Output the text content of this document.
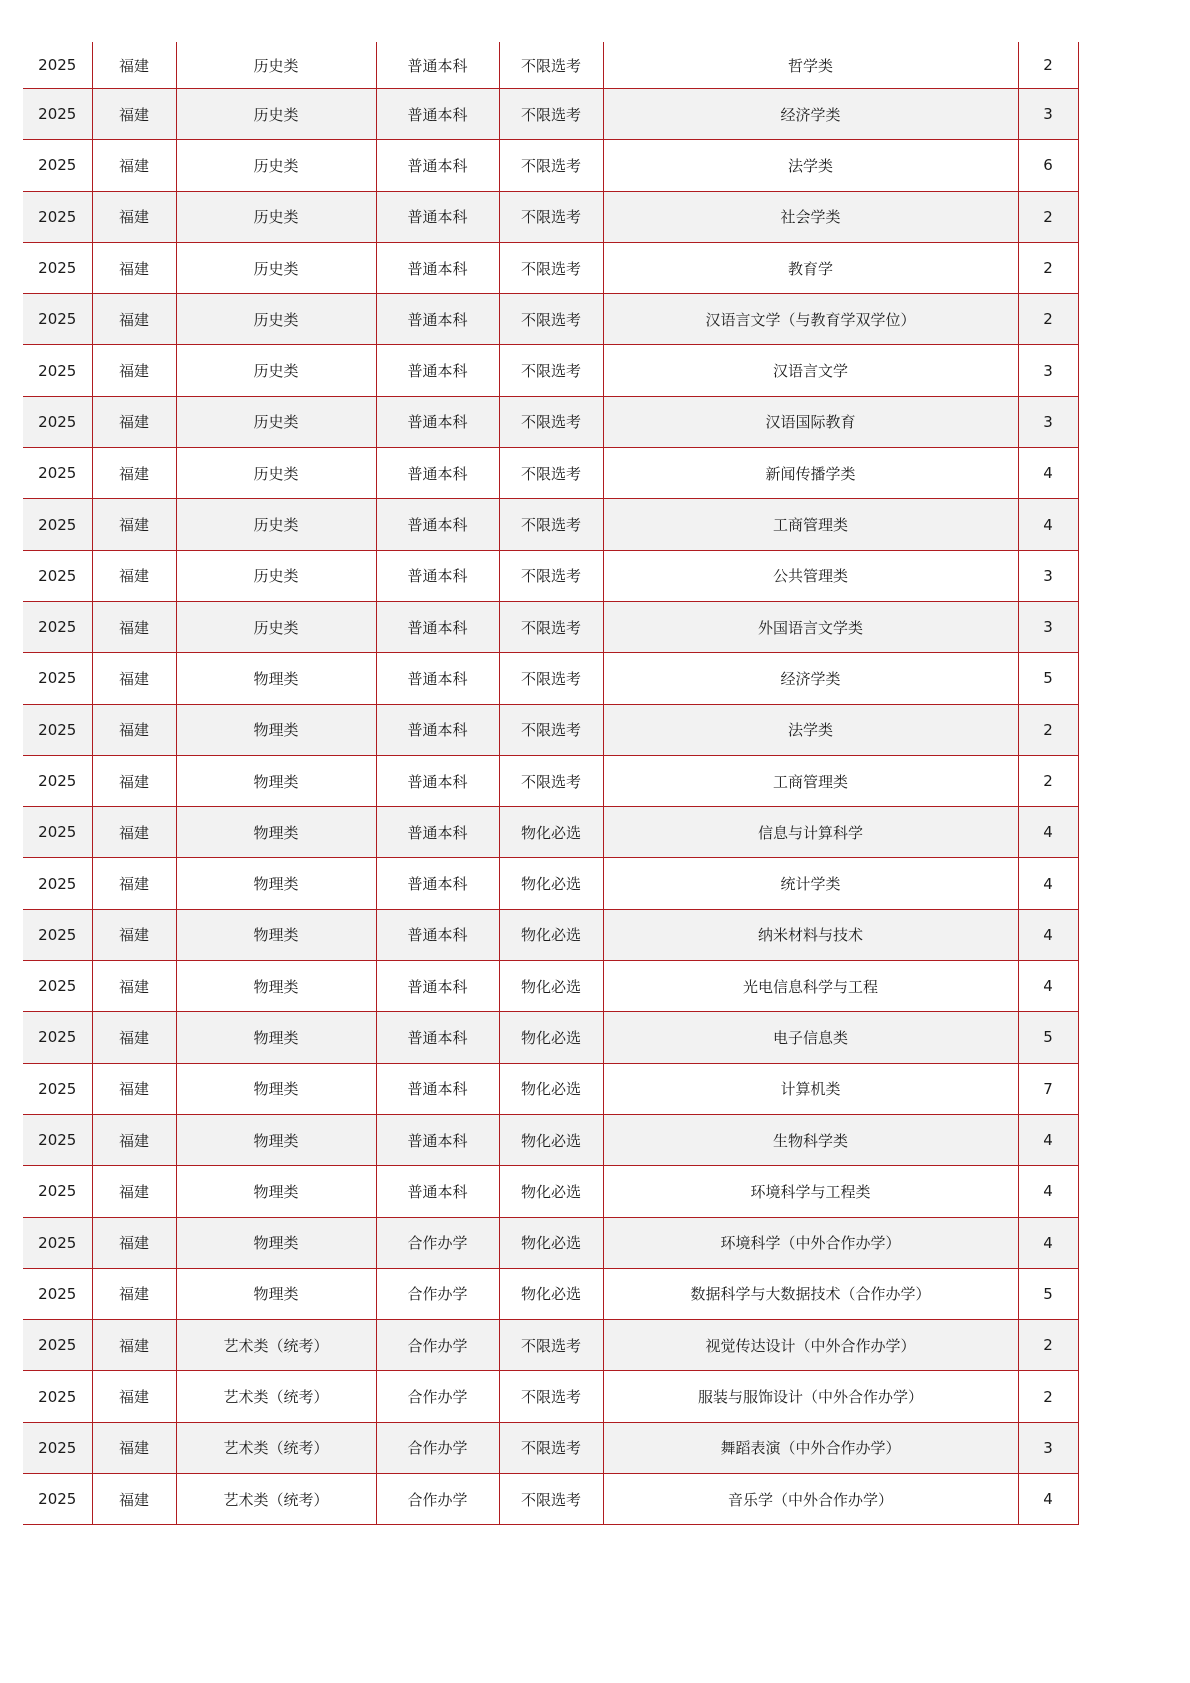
2025	福建	历史类	普通本科	不限选考	哲学类	2
2025	福建	历史类	普通本科	不限选考	经济学类	3
2025	福建	历史类	普通本科	不限选考	法学类	6
2025	福建	历史类	普通本科	不限选考	社会学类	2
2025	福建	历史类	普通本科	不限选考	教育学	2
2025	福建	历史类	普通本科	不限选考	汉语言文学（与教育学双学位）	2
2025	福建	历史类	普通本科	不限选考	汉语言文学	3
2025	福建	历史类	普通本科	不限选考	汉语国际教育	3
2025	福建	历史类	普通本科	不限选考	新闻传播学类	4
2025	福建	历史类	普通本科	不限选考	工商管理类	4
2025	福建	历史类	普通本科	不限选考	公共管理类	3
2025	福建	历史类	普通本科	不限选考	外国语言文学类	3
2025	福建	物理类	普通本科	不限选考	经济学类	5
2025	福建	物理类	普通本科	不限选考	法学类	2
2025	福建	物理类	普通本科	不限选考	工商管理类	2
2025	福建	物理类	普通本科	物化必选	信息与计算科学	4
2025	福建	物理类	普通本科	物化必选	统计学类	4
2025	福建	物理类	普通本科	物化必选	纳米材料与技术	4
2025	福建	物理类	普通本科	物化必选	光电信息科学与工程	4
2025	福建	物理类	普通本科	物化必选	电子信息类	5
2025	福建	物理类	普通本科	物化必选	计算机类	7
2025	福建	物理类	普通本科	物化必选	生物科学类	4
2025	福建	物理类	普通本科	物化必选	环境科学与工程类	4
2025	福建	物理类	合作办学	物化必选	环境科学（中外合作办学）	4
2025	福建	物理类	合作办学	物化必选	数据科学与大数据技术（合作办学）	5
2025	福建	艺术类（统考）	合作办学	不限选考	视觉传达设计（中外合作办学）	2
2025	福建	艺术类（统考）	合作办学	不限选考	服装与服饰设计（中外合作办学）	2
2025	福建	艺术类（统考）	合作办学	不限选考	舞蹈表演（中外合作办学）	3
2025	福建	艺术类（统考）	合作办学	不限选考	音乐学（中外合作办学）	4
